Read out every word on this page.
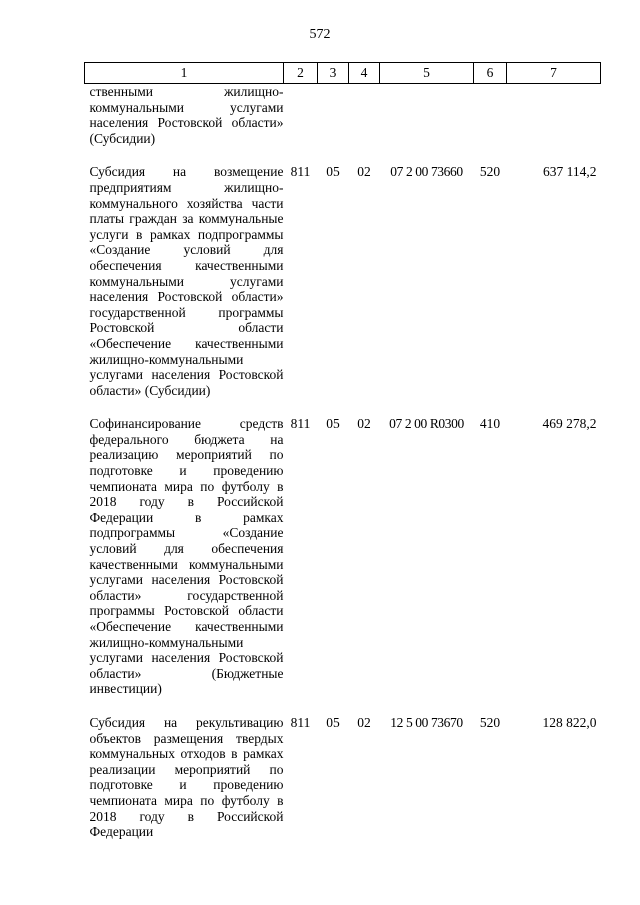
572
1	2	3	4	5	6	7
ственными жилищно-коммунальными услугами населения Ростовской области» (Субсидии)						

Субсидия на возмещение предприятиям жилищно-коммунального хозяйства части платы граждан за коммунальные услуги в рамках подпрограммы «Создание условий для обеспечения качественными коммунальными услугами населения Ростовской области» государственной программы Ростовской области «Обеспечение качественными жилищно-коммунальными услугами населения Ростовской области» (Субсидии)	811	05	02	07 2 00 73660	520	637 114,2

Софинансирование средств федерального бюджета на реализацию мероприятий по подготовке и проведению чемпионата мира по футболу в 2018 году в Российской Федерации в рамках подпрограммы «Создание условий для обеспечения качественными коммунальными услугами населения Ростовской области» государственной программы Ростовской области «Обеспечение качественными жилищно-коммунальными услугами населения Ростовской области» (Бюджетные инвестиции)	811	05	02	07 2 00 R0300	410	469 278,2

Субсидия на рекультивацию объектов размещения твердых коммунальных отходов в рамках реализации мероприятий по подготовке и проведению чемпионата мира по футболу в 2018 году в Российской Федерации	811	05	02	12 5 00 73670	520	128 822,0
